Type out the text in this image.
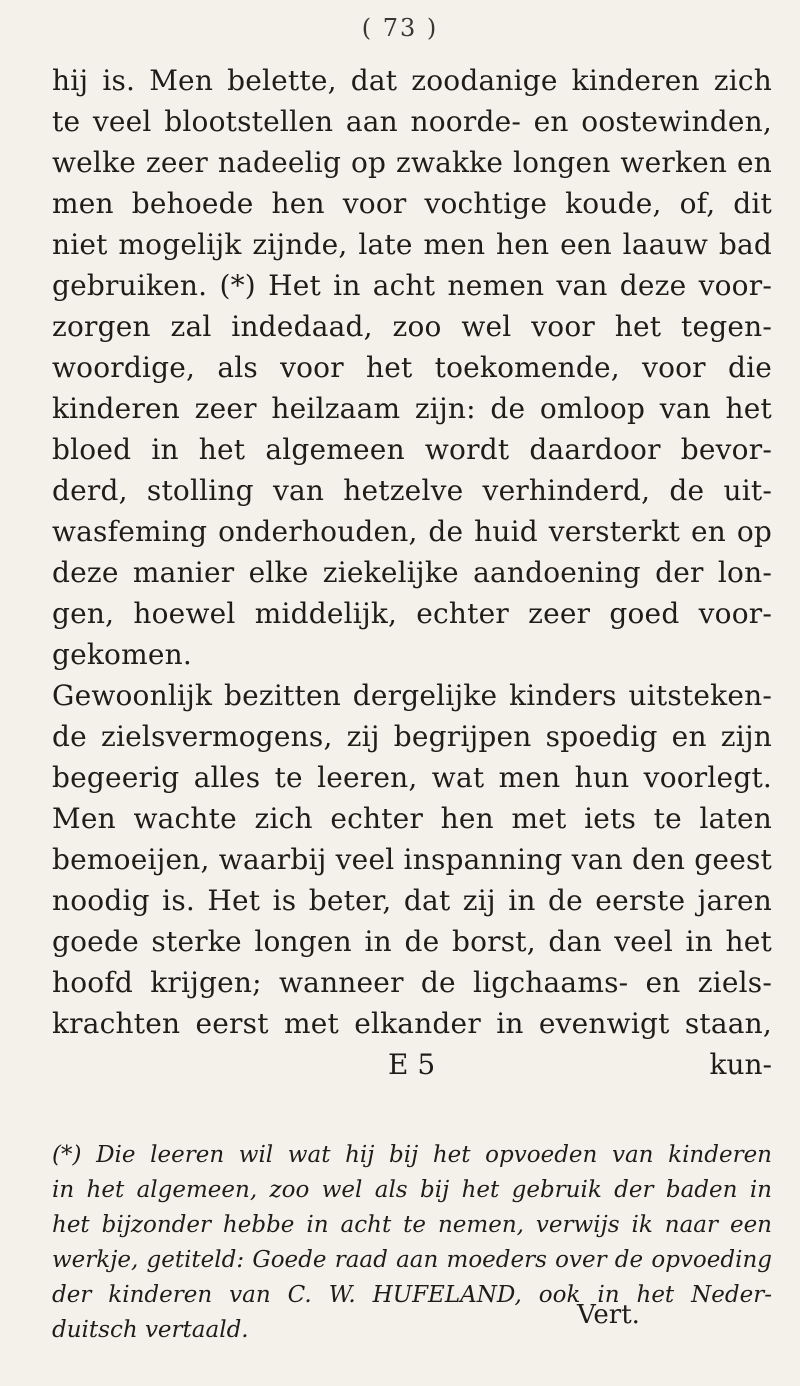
( 73 )
hij is. Men belette, dat zoodanige kinderen zich
te veel blootstellen aan noorde- en oostewinden,
welke zeer nadeelig op zwakke longen werken en
men behoede hen voor vochtige koude, of, dit
niet mogelijk zijnde, late men hen een laauw bad
gebruiken. (*) Het in acht nemen van deze voor-
zorgen zal indedaad, zoo wel voor het tegen-
woordige, als voor het toekomende, voor die
kinderen zeer heilzaam zijn: de omloop van het
bloed in het algemeen wordt daardoor bevor-
derd, stolling van hetzelve verhinderd, de uit-
wasfeming onderhouden, de huid versterkt en op
deze manier elke ziekelijke aandoening der lon-
gen, hoewel middelijk, echter zeer goed voor-
gekomen.
Gewoonlijk bezitten dergelijke kinders uitsteken-
de zielsvermogens, zij begrijpen spoedig en zijn
begeerig alles te leeren, wat men hun voorlegt.
Men wachte zich echter hen met iets te laten
bemoeijen, waarbij veel inspanning van den geest
noodig is. Het is beter, dat zij in de eerste jaren
goede sterke longen in de borst, dan veel in het
hoofd krijgen; wanneer de ligchaams- en ziels-
krachten eerst met elkander in evenwigt staan,
E 5	kun-
(*) Die leeren wil wat hij bij het opvoeden van kinderen
in het algemeen, zoo wel als bij het gebruik der baden in
het bijzonder hebbe in acht te nemen, verwijs ik naar een
werkje, getiteld: Goede raad aan moeders over de opvoeding
der kinderen van C. W. HUFELAND, ook in het Neder-
duitsch vertaald.	Vert.
